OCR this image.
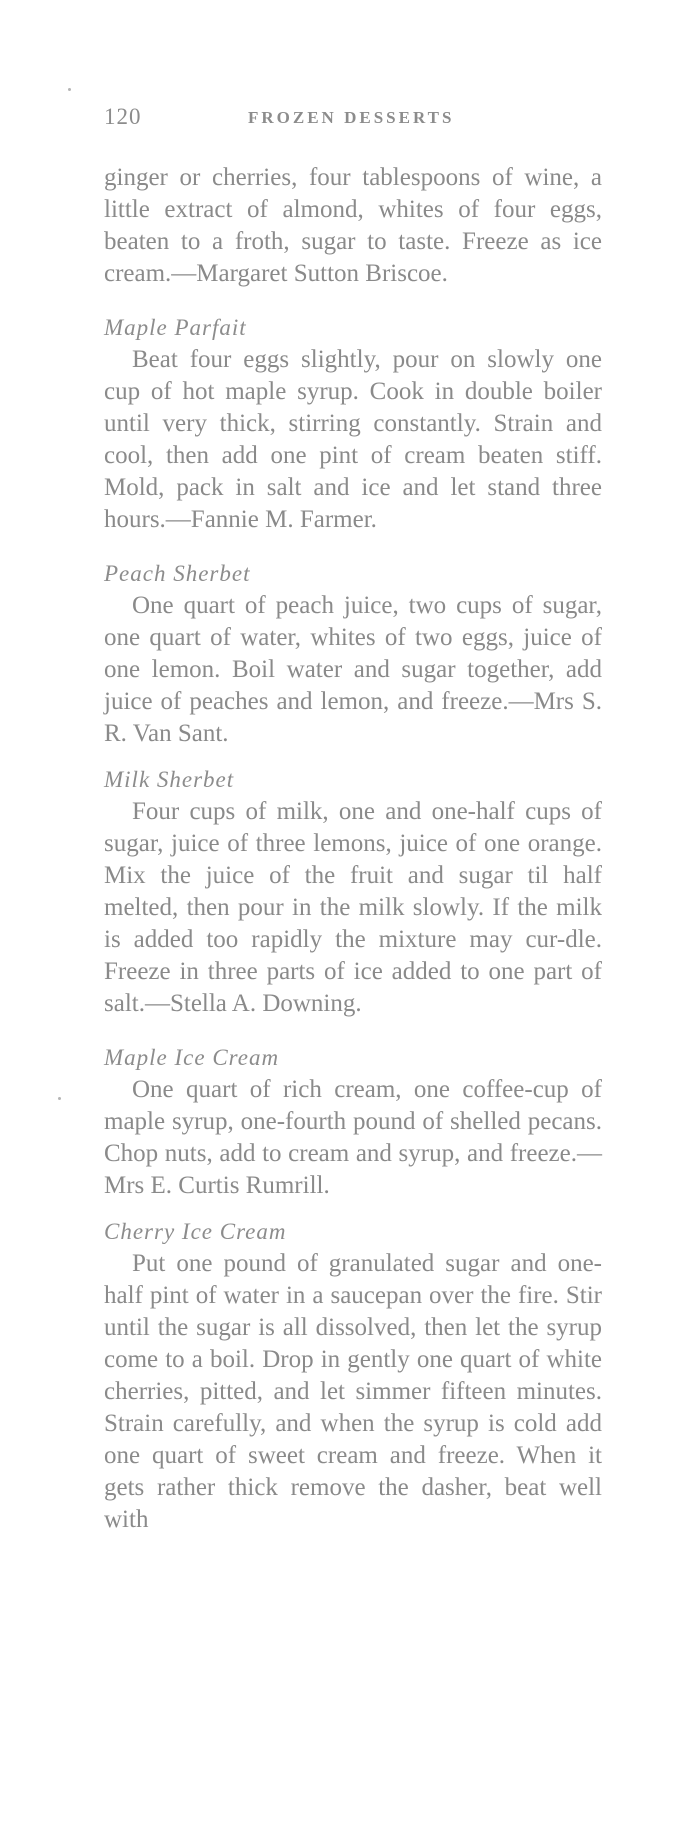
120	FROZEN DESSERTS

ginger or cherries, four tablespoons of wine, a little extract of almond, whites of four eggs, beaten to a froth, sugar to taste. Freeze as ice cream.—Margaret Sutton Briscoe.

Maple Parfait

Beat four eggs slightly, pour on slowly one cup of hot maple syrup. Cook in double boiler until very thick, stirring constantly. Strain and cool, then add one pint of cream beaten stiff. Mold, pack in salt and ice and let stand three hours.—Fannie M. Farmer.

Peach Sherbet

One quart of peach juice, two cups of sugar, one quart of water, whites of two eggs, juice of one lemon. Boil water and sugar together, add juice of peaches and lemon, and freeze.—Mrs S. R. Van Sant.

Milk Sherbet

Four cups of milk, one and one-half cups of sugar, juice of three lemons, juice of one orange. Mix the juice of the fruit and sugar til half melted, then pour in the milk slowly. If the milk is added too rapidly the mixture may cur-dle. Freeze in three parts of ice added to one part of salt.—Stella A. Downing.

Maple Ice Cream

One quart of rich cream, one coffee-cup of maple syrup, one-fourth pound of shelled pecans. Chop nuts, add to cream and syrup, and freeze.—Mrs E. Curtis Rumrill.

Cherry Ice Cream

Put one pound of granulated sugar and one-half pint of water in a saucepan over the fire. Stir until the sugar is all dissolved, then let the syrup come to a boil. Drop in gently one quart of white cherries, pitted, and let simmer fifteen minutes. Strain carefully, and when the syrup is cold add one quart of sweet cream and freeze. When it gets rather thick remove the dasher, beat well with
